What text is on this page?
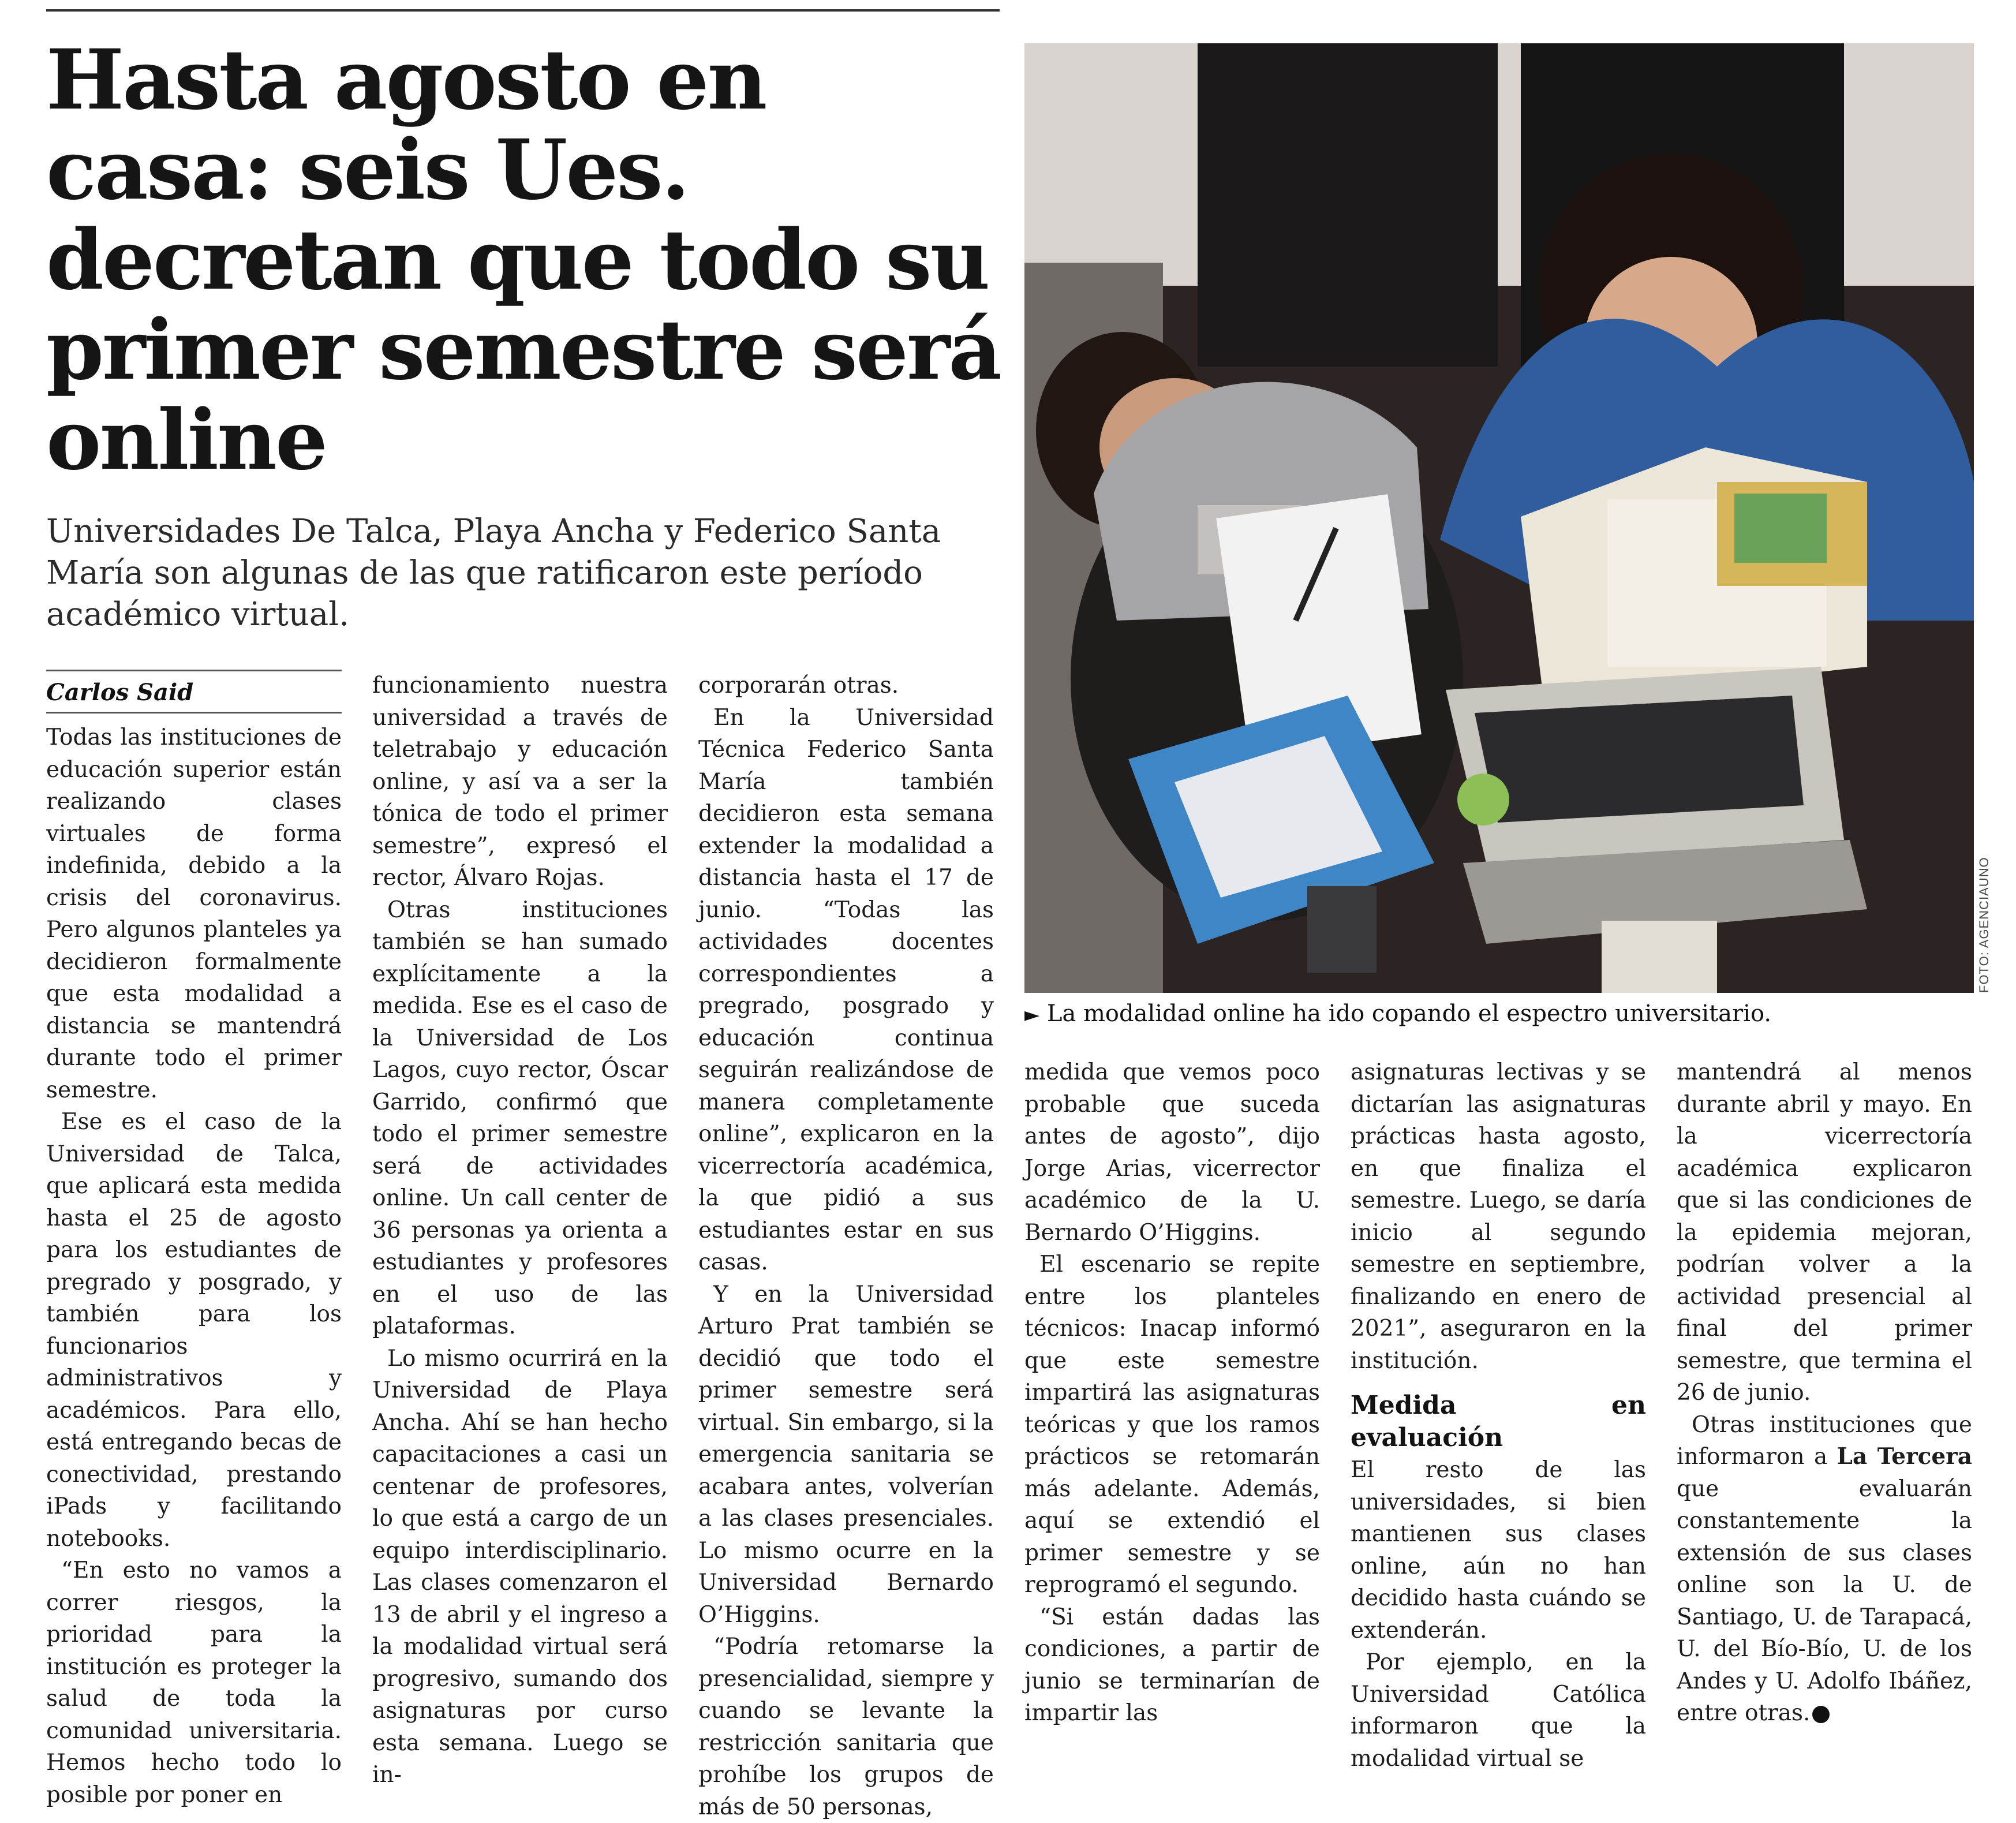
Hasta agosto en casa: seis Ues. decretan que todo su primer semestre será online

Universidades De Talca, Playa Ancha y Federico Santa María son algunas de las que ratificaron este período académico virtual.

Carlos Said

Todas las instituciones de educación superior están realizando clases virtuales de forma indefinida, debido a la crisis del coronavirus. Pero algunos planteles ya decidieron formalmente que esta modalidad a distancia se mantendrá durante todo el primer semestre.

Ese es el caso de la Universidad de Talca, que aplicará esta medida hasta el 25 de agosto para los estudiantes de pregrado y posgrado, y también para los funcionarios administrativos y académicos. Para ello, está entregando becas de conectividad, prestando iPads y facilitando notebooks.

“En esto no vamos a correr riesgos, la prioridad para la institución es proteger la salud de toda la comunidad universitaria. Hemos hecho todo lo posible por poner en

funcionamiento nuestra universidad a través de teletrabajo y educación online, y así va a ser la tónica de todo el primer semestre”, expresó el rector, Álvaro Rojas.

Otras instituciones también se han sumado explícitamente a la medida. Ese es el caso de la Universidad de Los Lagos, cuyo rector, Óscar Garrido, confirmó que todo el primer semestre será de actividades online. Un call center de 36 personas ya orienta a estudiantes y profesores en el uso de las plataformas.

Lo mismo ocurrirá en la Universidad de Playa Ancha. Ahí se han hecho capacitaciones a casi un centenar de profesores, lo que está a cargo de un equipo interdisciplinario. Las clases comenzaron el 13 de abril y el ingreso a la modalidad virtual será progresivo, sumando dos asignaturas por curso esta semana. Luego se in-

corporarán otras.

En la Universidad Técnica Federico Santa María también decidieron esta semana extender la modalidad a distancia hasta el 17 de junio. “Todas las actividades docentes correspondientes a pregrado, posgrado y educación continua seguirán realizándose de manera completamente online”, explicaron en la vicerrectoría académica, la que pidió a sus estudiantes estar en sus casas.

Y en la Universidad Arturo Prat también se decidió que todo el primer semestre será virtual. Sin embargo, si la emergencia sanitaria se acabara antes, volverían a las clases presenciales. Lo mismo ocurre en la Universidad Bernardo O’Higgins.

“Podría retomarse la presencialidad, siempre y cuando se levante la restricción sanitaria que prohíbe los grupos de más de 50 personas,

FOTO: AGENCIAUNO
► La modalidad online ha ido copando el espectro universitario.

medida que vemos poco probable que suceda antes de agosto”, dijo Jorge Arias, vicerrector académico de la U. Bernardo O’Higgins.

El escenario se repite entre los planteles técnicos: Inacap informó que este semestre impartirá las asignaturas teóricas y que los ramos prácticos se retomarán más adelante. Además, aquí se extendió el primer semestre y se reprogramó el segundo.

“Si están dadas las condiciones, a partir de junio se terminarían de impartir las

asignaturas lectivas y se dictarían las asignaturas prácticas hasta agosto, en que finaliza el semestre. Luego, se daría inicio al segundo semestre en septiembre, finalizando en enero de 2021”, aseguraron en la institución.

Medida en evaluación

El resto de las universidades, si bien mantienen sus clases online, aún no han decidido hasta cuándo se extenderán.

Por ejemplo, en la Universidad Católica informaron que la modalidad virtual se

mantendrá al menos durante abril y mayo. En la vicerrectoría académica explicaron que si las condiciones de la epidemia mejoran, podrían volver a la actividad presencial al final del primer semestre, que termina el 26 de junio.

Otras instituciones que informaron a La Tercera que evaluarán constantemente la extensión de sus clases online son la U. de Santiago, U. de Tarapacá, U. del Bío-Bío, U. de los Andes y U. Adolfo Ibáñez, entre otras.
